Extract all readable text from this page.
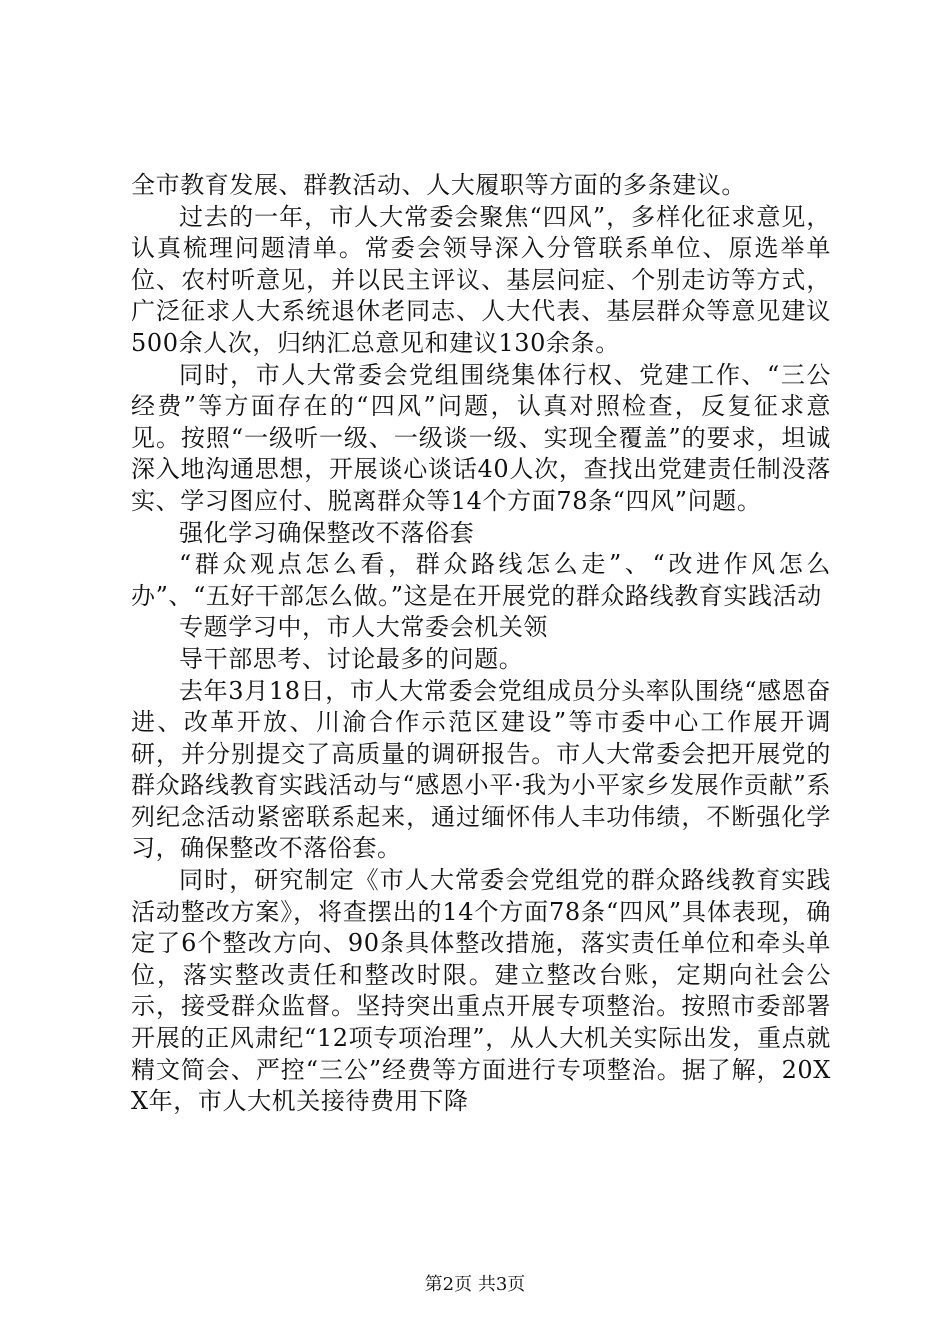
全市教育发展、群教活动、人大履职等方面的多条建议。

过去的一年，市人大常委会聚焦“四风”，多样化征求意见，认真梳理问题清单。常委会领导深入分管联系单位、原选举单位、农村听意见，并以民主评议、基层问症、个别走访等方式，广泛征求人大系统退休老同志、人大代表、基层群众等意见建议500余人次，归纳汇总意见和建议130余条。

同时，市人大常委会党组围绕集体行权、党建工作、“三公经费”等方面存在的“四风”问题，认真对照检查，反复征求意见。按照“一级听一级、一级谈一级、实现全覆盖”的要求，坦诚深入地沟通思想，开展谈心谈话40人次，查找出党建责任制没落实、学习图应付、脱离群众等14个方面78条“四风”问题。

强化学习确保整改不落俗套

“群众观点怎么看，群众路线怎么走”、“改进作风怎么办”、“五好干部怎么做。”这是在开展党的群众路线教育实践活动

专题学习中，市人大常委会机关领

导干部思考、讨论最多的问题。

去年3月18日，市人大常委会党组成员分头率队围绕“感恩奋进、改革开放、川渝合作示范区建设”等市委中心工作展开调研，并分别提交了高质量的调研报告。市人大常委会把开展党的群众路线教育实践活动与“感恩小平·我为小平家乡发展作贡献”系列纪念活动紧密联系起来，通过缅怀伟人丰功伟绩，不断强化学习，确保整改不落俗套。

同时，研究制定《市人大常委会党组党的群众路线教育实践活动整改方案》，将查摆出的14个方面78条“四风”具体表现，确定了6个整改方向、90条具体整改措施，落实责任单位和牵头单位，落实整改责任和整改时限。建立整改台账，定期向社会公示，接受群众监督。坚持突出重点开展专项整治。按照市委部署开展的正风肃纪“12项专项治理”，从人大机关实际出发，重点就精文简会、严控“三公”经费等方面进行专项整治。据了解，20XX年，市人大机关接待费用下降

第2页 共3页
